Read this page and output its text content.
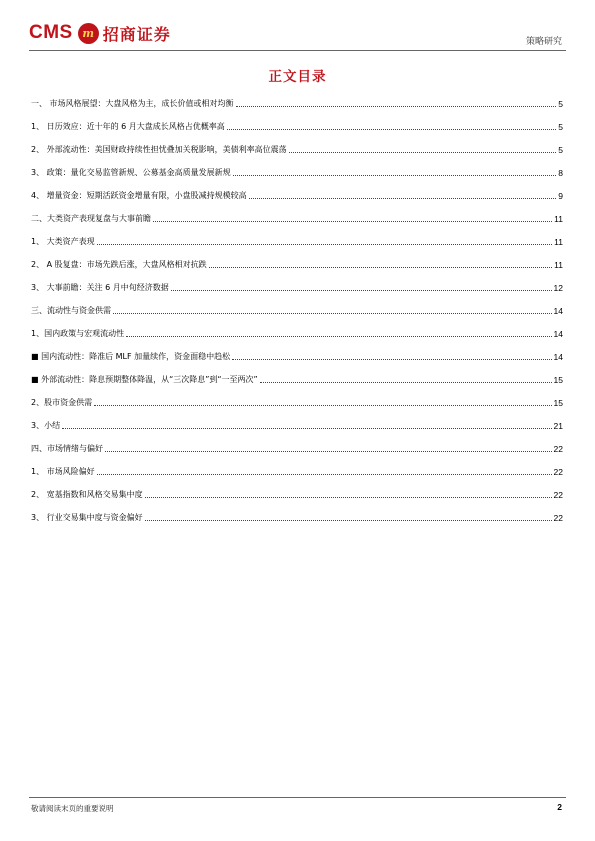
CMS m 招商证券	策略研究
正文目录
一、 市场风格展望：大盘风格为主，成长价值或相对均衡	5
1、 日历效应：近十年的 6 月大盘成长风格占优概率高	5
2、 外部流动性：美国财政持续性担忧叠加关税影响，美债利率高位震荡	5
3、 政策：量化交易监管新规、公募基金高质量发展新规	8
4、 增量资金：短期活跃资金增量有限，小盘股减持规模较高	9
二、大类资产表现复盘与大事前瞻	11
1、 大类资产表现	11
2、 A 股复盘：市场先跌后涨，大盘风格相对抗跌	11
3、 大事前瞻：关注 6 月中旬经济数据	12
三、流动性与资金供需	14
1、国内政策与宏观流动性	14
■ 国内流动性：降准后 MLF 加量续作，资金面稳中趋松	14
■ 外部流动性：降息预期整体降温，从“三次降息”到“一至两次”	15
2、股市资金供需	15
3、小结	21
四、市场情绪与偏好	22
1、 市场风险偏好	22
2、 宽基指数和风格交易集中度	22
3、 行业交易集中度与资金偏好	22
敬请阅读末页的重要说明	2
